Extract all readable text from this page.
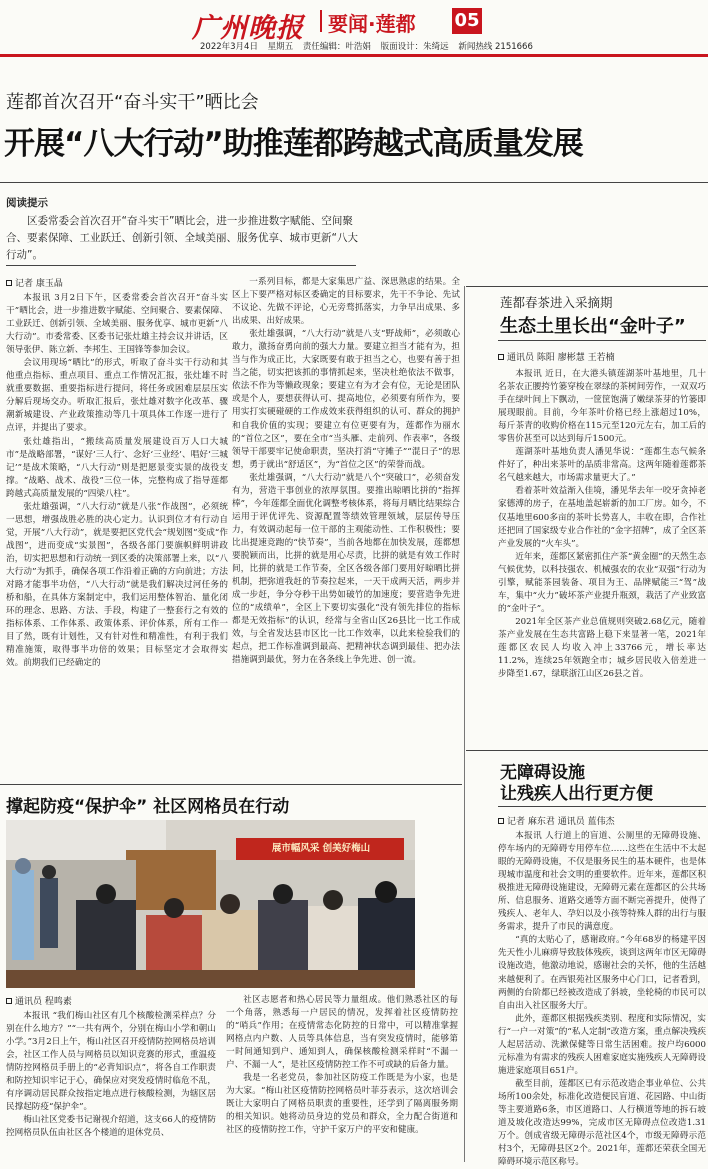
广州晚报 要闻·莲都 05
2022年3月4日 星期五 责任编辑：叶浩娟 版面设计：朱绮远 新闻热线 2151666
莲都首次召开“奋斗实干”晒比会
开展“八大行动”助推莲都跨越式高质量发展
阅读提示
区委常委会首次召开“奋斗实干”晒比会，进一步推进数字赋能、空间聚合、要素保障、工业跃迁、创新引领、全域美丽、服务优享、城市更新“八大行动”。
记者 康玉晶

本报讯 3月2日下午，区委常委会首次召开“奋斗实干”晒比会，进一步推进数字赋能、空间聚合、要素保障、工业跃迁、创新引领、全域美丽、服务优享、城市更新“八大行动”。市委常委、区委书记张灶雄主持会议并讲话，区领导张伊、陈立新、李邦生、王国锋等参加会议。

会议用现场“晒比”的形式，听取了奋斗实干行动和其他重点指标、重点项目、重点工作情况汇报，张灶雄不时就重要数据、重要指标进行提问，将任务或困难层层压实分解后现场交办。听取汇报后，张灶雄对数字化改革、骤潮新城建设、产业政策推动等几十项具体工作逐一进行了点评，并提出了要求。

张灶雄指出，“搬续高质量发展建设百万人口大城市”是战略部署，“谋好‘三人行’、念好‘三业经’、唱好‘三城记’”是战术策略，“八大行动”则是把愿景变实景的战役支撑。“战略、战术、战役”三位一体，完整构成了指导莲都跨越式高质量发展的“四梁八柱”。

张灶雄强调，“八大行动”就是八张“作战图”，必须统一思想，增强战胜必胜的决心定力。认识到位才有行动自觉，开展“八大行动”，就是要把区党代会“规划图”变成“作战图”，进而变成“实景图”，各级各部门要旗帜鲜明讲政治，切实把思想和行动统一到区委的决策部署上来，以“八大行动”为抓手，确保各项工作沿着正确的方向前进；方法对路才能事半功倍，“八大行动”就是我们解决过河任务的桥和船，在具体方案制定中，我们运用整体智治、量化闭环的理念、思路、方法、手段，构建了一整套行之有效的指标体系、工作体系、政策体系、评价体系，所有工作一目了然，既有计划性，又有针对性和精准性，有利于我们精准施策，取得事半功倍的效果；目标坚定才会取得实效。前期我们已经确定的

一系列目标，都是大家集思广益、深思熟虑的结果。全区上下要严格对标区委确定的目标要求，先干不争论、先试不议论、先做不评论，心无旁骛抓落实，力争早出成果、多出成果、出好成果。

张灶雄强调，“八大行动”就是八支“野战师”，必须敢心敢力，激扬奋勇向前的强大力量。要建立担当才能有为，担当与作为成正比，大家既要有敢于担当之心，也要有善于担当之能，切实把该抓的事情抓起来，坚决杜绝依法不做事，依法不作为等懒政现象；要建立有为才会有位，无论是团队或是个人，要想获得认可、提高地位，必须要有所作为，要用实打实硬碰硬的工作成效来获得组织的认可、群众的拥护和自我价值的实现；要建立有位更要有为，莲都作为丽水的“首位之区”，要在全市“当头雁、走前列、作表率”，各级领导干部要牢记使命职责，坚决打消“守摊子”“混日子”的思想，勇于就出“舒适区”，为“首位之区”的荣誉而战。

张灶雄强调，“八大行动”就是八个“突破口”，必须奋发有为，营造干事创业的浓厚氛围。要推出晾晒比拼的“指挥棒”，今年莲都全面优化调整考核体系，将每月晒比结果综合运用于评优评先、资源配置等绩效管理领域，层层传导压力，有效调动起每一位干部的主观能动性、工作积极性；要比出提速竞跑的“快节奏”，当前各地都在加快发展，莲都想要脱颖而出，比拼的就是用心尽责，比拼的就是有效工作时间，比拼的就是工作节奏，全区各级各部门要用好晾晒比拼机制，把弥道我赶的节奏拉起来，一天干成两天活，两步并成一步赶，争分夺秒干出势如破竹的加速度；要营造争先进位的“成绩单”，全区上下要切实强化“没有领先排位的指标都是无效指标”的认识，经常与全省山区26县比一比工作成效，与全省发达县市区比一比工作效率，以此来检验我们的起点，把工作标准调到最高、把精神状态调到最佳、把办法措施调到最优，努力在各条线上争先进、创一流。

莲都春茶进入采摘期
生态土里长出“金叶子”
通讯员 陈阳 廖彬慧 王若楠

本报讯 近日，在大港头镇莲湖茶叶基地里，几十名茶农正腰挎竹篓穿梭在翠绿的茶树间劳作，一双双巧手在绿叶间上下飘动，一筐筐饱满了嫩绿茶芽的竹篓即展现眼前。目前，今年茶叶价格已经上涨超过10%，每斤茶青的收购价格在115元至120元左右，加工后的零售价甚至可以达到每斤1500元。

莲湖茶叶基地负责人潘见华说：“莲都生态气候条件好了，种出来茶叶的品质非常高。这两年随着莲都茶名气越来越大，市场需求量更大了。”

看着茶叶效益渐入佳境，潘见华去年一咬牙贪掉老家德溥的房子，在基地盖起崭新的加工厂房。如今，不仅基地里600多亩的茶叶长势喜人，丰收在即，合作社还把回了国家级专业合作社的“金字招牌”，成了全区茶产业发展的“火车头”。

近年来，莲都区紧密抓住产茶“黄金圈”的天然生态气候优势，以科技强农、机械强农的农业“双强”行动为引擎，赋能茶园装备、项目为王、品牌赋能三“驾”战车，集中“火力”破坏茶产业提升瓶颈，栽活了产业致富的“金叶子”。

2021年全区茶产业总值规则突破2.68亿元，随着茶产业发展在生态共富路上稳下来显著一笔，2021年莲都区农民人均收入冲上33766元，增长率达11.2%，连续25年领跑全市；城乡居民收入倍差进一步降至1.67，绿联浙江山区26县之首。

无障碍设施
让残疾人出行更方便
记者 麻东君 通讯员 蓝伟杰

本报讯 人行道上的盲道、公厕里的无障碍设施、停车场内的无障碍专用停车位……这些在生活中不太起眼的无障碍设施，不仅是服务民生的基本硬件，也是体现城市温度和社会文明的重要软件。近年来，莲都区积极推进无障碍设施建设，无障碍元素在莲都区的公共场所、信息服务、道路交通等方面不断完善提升，使得了残疾人、老年人、孕妇以及小孩等特殊人群的出行与服务需求，提升了市民的满意度。

“真的太贴心了，感谢政府。”今年68岁的杨建平因先天性小儿麻痹导致肢体残疾，谈到这两年市区无障碍设施改造，他激动地说，感谢社会的关怀，他的生活越来越便利了。在西银苑社区服务中心门口，记者看到，两侧的台阶都已经被改造成了斜坡，坐轮椅的市民可以自由出入社区服务大厅。

此外，莲都区根据残疾类别、程度和实际情况，实行“一户一对策”的“私人定制”改造方案，重点解决残疾人起居活动、洗漱保健等日常生活困难。按户均6000元标准为有需求的残疾人困难家庭实施残疾人无障碍设施进家庭项目651户。

截至目前，莲都区已有示范改造企事业单位、公共场所100余处，标准化改造便民盲道、花园路、中山街等主要道路6条，市区道路口、人行横道等地的拆石坡道及坡化改造达99%，完成市区无障碍点位改造1.31万个。创成省级无障碍示范社区4个，市级无障碍示范村3个，无障碍县区2个。2021年，莲都还荣获全国无障碍环境示范区称号。

撑起防疫“保护伞” 社区网格员在行动
展市幅风采 创美好梅山
通讯员 程鸣素

本报讯 “我们梅山社区有几个核酸检测采样点？分别在什么地方？”“一共有两个，分别在梅山小学和朝山小学。”3月2日上午，梅山社区召开疫情防控网格员培训会，社区工作人员与网格员以知识竞赛的形式，重温疫情防控网格员手册上的“必背知识点”，将各自工作职责和防控知识牢记于心，确保应对突发疫情时临危不乱，有序调动居民群众按指定地点进行核酸检测，为辖区居民撑起防疫“保护伞”。

梅山社区党委书记谢视介绍道，这支66人的疫情防控网格员队伍由社区各个楼道的退休党员、

社区志愿者和热心居民等力量组成。他们熟悉社区的每一个角落，熟悉每一户居民的情况，发挥着社区疫情防控的“哨兵”作用；在疫情常态化防控的日常中，可以精准掌握网格点内户数、人员等具体信息，当有突发疫情时，能够第一时间通知到户、通知到人，确保核酸检测采样时“不漏一户、不漏一人”，是社区疫情防控工作不可或缺的后备力量。

我是一名老党员，参加社区防疫工作既是为小家，也是为大家。“梅山社区疫情防控网格员叶菲芬表示，这次培训会既让大家明白了网格员职责的重要性，还学到了隔离服务期的相关知识。她将动员身边的党员和群众，全力配合街道和社区的疫情防控工作，守护千家万户的平安和健康。
